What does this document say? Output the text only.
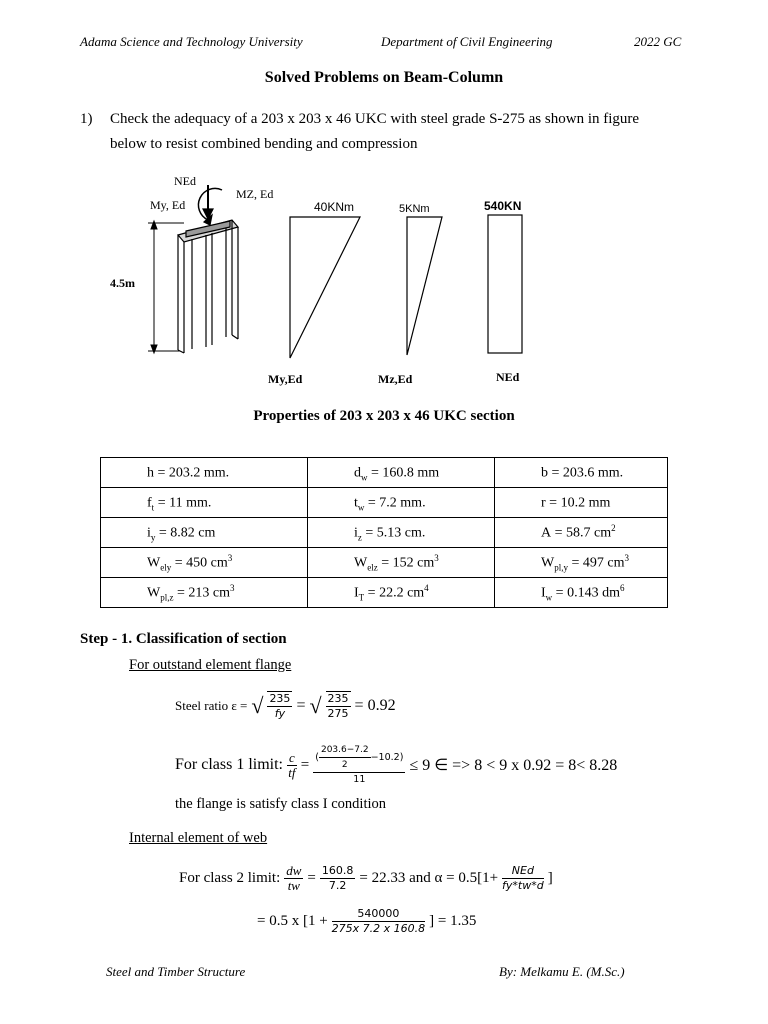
Adama Science and Technology University	Department of Civil Engineering	2022 GC
Solved Problems on Beam-Column
1) Check the adequacy of a 203 x 203 x 46 UKC with steel grade S-275 as shown in figure
below to resist combined bending and compression
4.5m
NEd
MZ, Ed
My, Ed	40KNm
My,Ed
5KNm
Mz,Ed
540KN
NEd
Properties of 203 x 203 x 46 UKC section
h = 203.2 mm.	$d_w = 160.8$ mm	b = 203.6 mm.
$f_t = 11$ mm.	$t_w = 7.2$ mm.	r = 10.2 mm
$i_y = 8.82$ cm	$i_z = 5.13$ cm.	A = 58.7 $cm^2$
$W_{ely} = 450$ $cm^3$	$W_{elz} = 152$ $cm^3$	$W_{pl,y} = 497$ $cm^3$
$W_{pl,z} = 213$ $cm^3$	$I_T = 22.2$ $cm^4$	$I_w = 0.143$ $dm^6$
Step - 1. Classification of section
For outstand element flange
Steel ratio ε = √ $\frac{235}{fy}$ = √ $\frac{235}{275} = 0.92$
For class 1 limit: $\frac{c}{tf} = \frac{( \frac{203.6-7.2}{2} -10.2)}{11} \le 9$ ∈ => 8 < 9 x 0.92 = 8< 8.28
the flange is satisfy class I condition
Internal element of web
For class 2 limit: $\frac{dw}{tw} = \frac{160.8}{7.2} = 22.33$ and $\alpha = 0.5[1+ \frac{\text{NEd}}{fy*tw*d}$ ]
= 0.5 x [$1 + \frac{540000}{275x 7.2 x 160.8}$ ] = 1.35
Steel and Timber Structure	By: Melkamu E. (M.Sc.)
